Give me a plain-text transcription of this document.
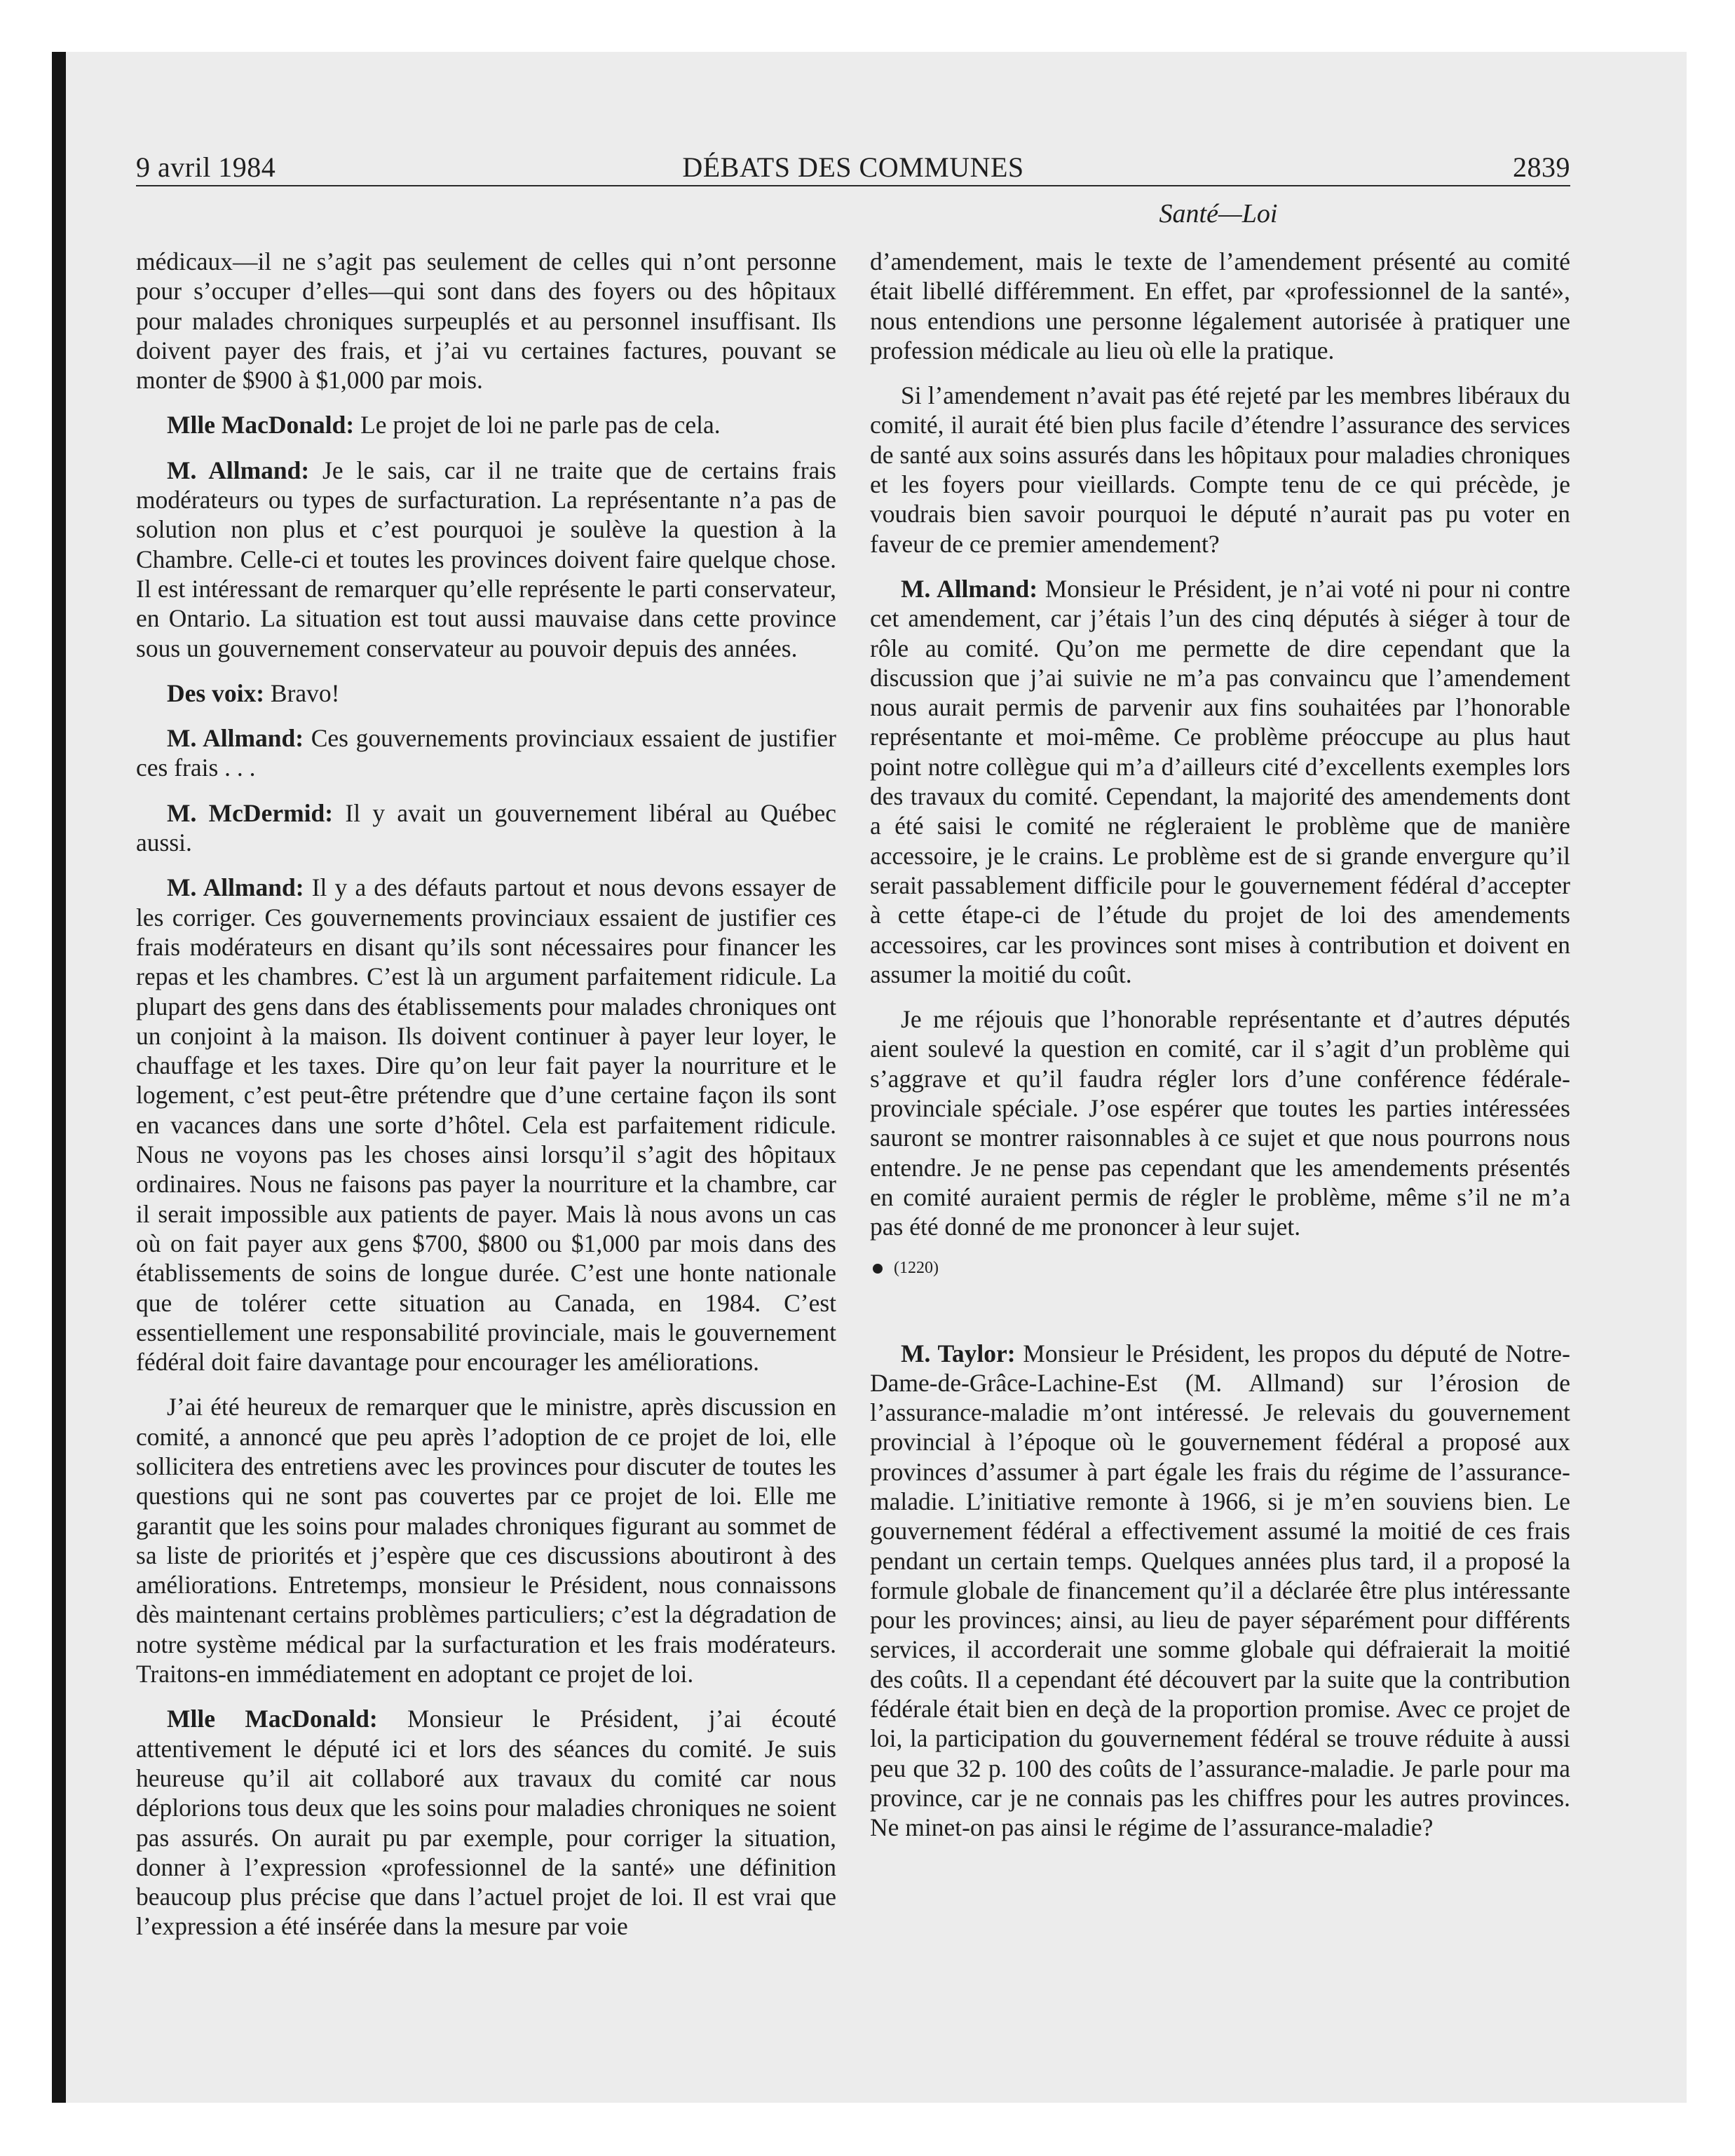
9 avril 1984	DÉBATS DES COMMUNES	2839
Santé—Loi

médicaux—il ne s’agit pas seulement de celles qui n’ont personne pour s’occuper d’elles—qui sont dans des foyers ou des hôpitaux pour malades chroniques surpeuplés et au personnel insuffisant. Ils doivent payer des frais, et j’ai vu certaines factures, pouvant se monter de $900 à $1,000 par mois.

Mlle MacDonald: Le projet de loi ne parle pas de cela.

M. Allmand: Je le sais, car il ne traite que de certains frais modérateurs ou types de surfacturation. La représentante n’a pas de solution non plus et c’est pourquoi je soulève la question à la Chambre. Celle-ci et toutes les provinces doivent faire quelque chose. Il est intéressant de remarquer qu’elle représente le parti conservateur, en Ontario. La situation est tout aussi mauvaise dans cette province sous un gouvernement conservateur au pouvoir depuis des années.

Des voix: Bravo!

M. Allmand: Ces gouvernements provinciaux essaient de justifier ces frais . . .

M. McDermid: Il y avait un gouvernement libéral au Québec aussi.

M. Allmand: Il y a des défauts partout et nous devons essayer de les corriger. Ces gouvernements provinciaux essaient de justifier ces frais modérateurs en disant qu’ils sont nécessaires pour financer les repas et les chambres. C’est là un argument parfaitement ridicule. La plupart des gens dans des établissements pour malades chroniques ont un conjoint à la maison. Ils doivent continuer à payer leur loyer, le chauffage et les taxes. Dire qu’on leur fait payer la nourriture et le logement, c’est peut-être prétendre que d’une certaine façon ils sont en vacances dans une sorte d’hôtel. Cela est parfaitement ridicule. Nous ne voyons pas les choses ainsi lorsqu’il s’agit des hôpitaux ordinaires. Nous ne faisons pas payer la nourriture et la chambre, car il serait impossible aux patients de payer. Mais là nous avons un cas où on fait payer aux gens $700, $800 ou $1,000 par mois dans des établissements de soins de longue durée. C’est une honte nationale que de tolérer cette situation au Canada, en 1984. C’est essentiellement une responsabilité provinciale, mais le gouvernement fédéral doit faire davantage pour encourager les améliorations.

J’ai été heureux de remarquer que le ministre, après discussion en comité, a annoncé que peu après l’adoption de ce projet de loi, elle sollicitera des entretiens avec les provinces pour discuter de toutes les questions qui ne sont pas couvertes par ce projet de loi. Elle me garantit que les soins pour malades chroniques figurant au sommet de sa liste de priorités et j’espère que ces discussions aboutiront à des améliorations. Entretemps, monsieur le Président, nous connaissons dès maintenant certains problèmes particuliers; c’est la dégradation de notre système médical par la surfacturation et les frais modérateurs. Traitons-en immédiatement en adoptant ce projet de loi.

Mlle MacDonald: Monsieur le Président, j’ai écouté attentivement le député ici et lors des séances du comité. Je suis heureuse qu’il ait collaboré aux travaux du comité car nous déplorions tous deux que les soins pour maladies chroniques ne soient pas assurés. On aurait pu par exemple, pour corriger la situation, donner à l’expression «professionnel de la santé» une définition beaucoup plus précise que dans l’actuel projet de loi. Il est vrai que l’expression a été insérée dans la mesure par voie

d’amendement, mais le texte de l’amendement présenté au comité était libellé différemment. En effet, par «professionnel de la santé», nous entendions une personne légalement autorisée à pratiquer une profession médicale au lieu où elle la pratique.

Si l’amendement n’avait pas été rejeté par les membres libéraux du comité, il aurait été bien plus facile d’étendre l’assurance des services de santé aux soins assurés dans les hôpitaux pour maladies chroniques et les foyers pour vieillards. Compte tenu de ce qui précède, je voudrais bien savoir pourquoi le député n’aurait pas pu voter en faveur de ce premier amendement?

M. Allmand: Monsieur le Président, je n’ai voté ni pour ni contre cet amendement, car j’étais l’un des cinq députés à siéger à tour de rôle au comité. Qu’on me permette de dire cependant que la discussion que j’ai suivie ne m’a pas convaincu que l’amendement nous aurait permis de parvenir aux fins souhaitées par l’honorable représentante et moi-même. Ce problème préoccupe au plus haut point notre collègue qui m’a d’ailleurs cité d’excellents exemples lors des travaux du comité. Cependant, la majorité des amendements dont a été saisi le comité ne régleraient le problème que de manière accessoire, je le crains. Le problème est de si grande envergure qu’il serait passablement difficile pour le gouvernement fédéral d’accepter à cette étape-ci de l’étude du projet de loi des amendements accessoires, car les provinces sont mises à contribution et doivent en assumer la moitié du coût.

Je me réjouis que l’honorable représentante et d’autres députés aient soulevé la question en comité, car il s’agit d’un problème qui s’aggrave et qu’il faudra régler lors d’une conférence fédérale-provinciale spéciale. J’ose espérer que toutes les parties intéressées sauront se montrer raisonnables à ce sujet et que nous pourrons nous entendre. Je ne pense pas cependant que les amendements présentés en comité auraient permis de régler le problème, même s’il ne m’a pas été donné de me prononcer à leur sujet.

(1220)

M. Taylor: Monsieur le Président, les propos du député de Notre-Dame-de-Grâce-Lachine-Est (M. Allmand) sur l’érosion de l’assurance-maladie m’ont intéressé. Je relevais du gouvernement provincial à l’époque où le gouvernement fédéral a proposé aux provinces d’assumer à part égale les frais du régime de l’assurance-maladie. L’initiative remonte à 1966, si je m’en souviens bien. Le gouvernement fédéral a effectivement assumé la moitié de ces frais pendant un certain temps. Quelques années plus tard, il a proposé la formule globale de financement qu’il a déclarée être plus intéressante pour les provinces; ainsi, au lieu de payer séparément pour différents services, il accorderait une somme globale qui défraierait la moitié des coûts. Il a cependant été découvert par la suite que la contribution fédérale était bien en deçà de la proportion promise. Avec ce projet de loi, la participation du gouvernement fédéral se trouve réduite à aussi peu que 32 p. 100 des coûts de l’assurance-maladie. Je parle pour ma province, car je ne connais pas les chiffres pour les autres provinces. Ne minet-on pas ainsi le régime de l’assurance-maladie?
